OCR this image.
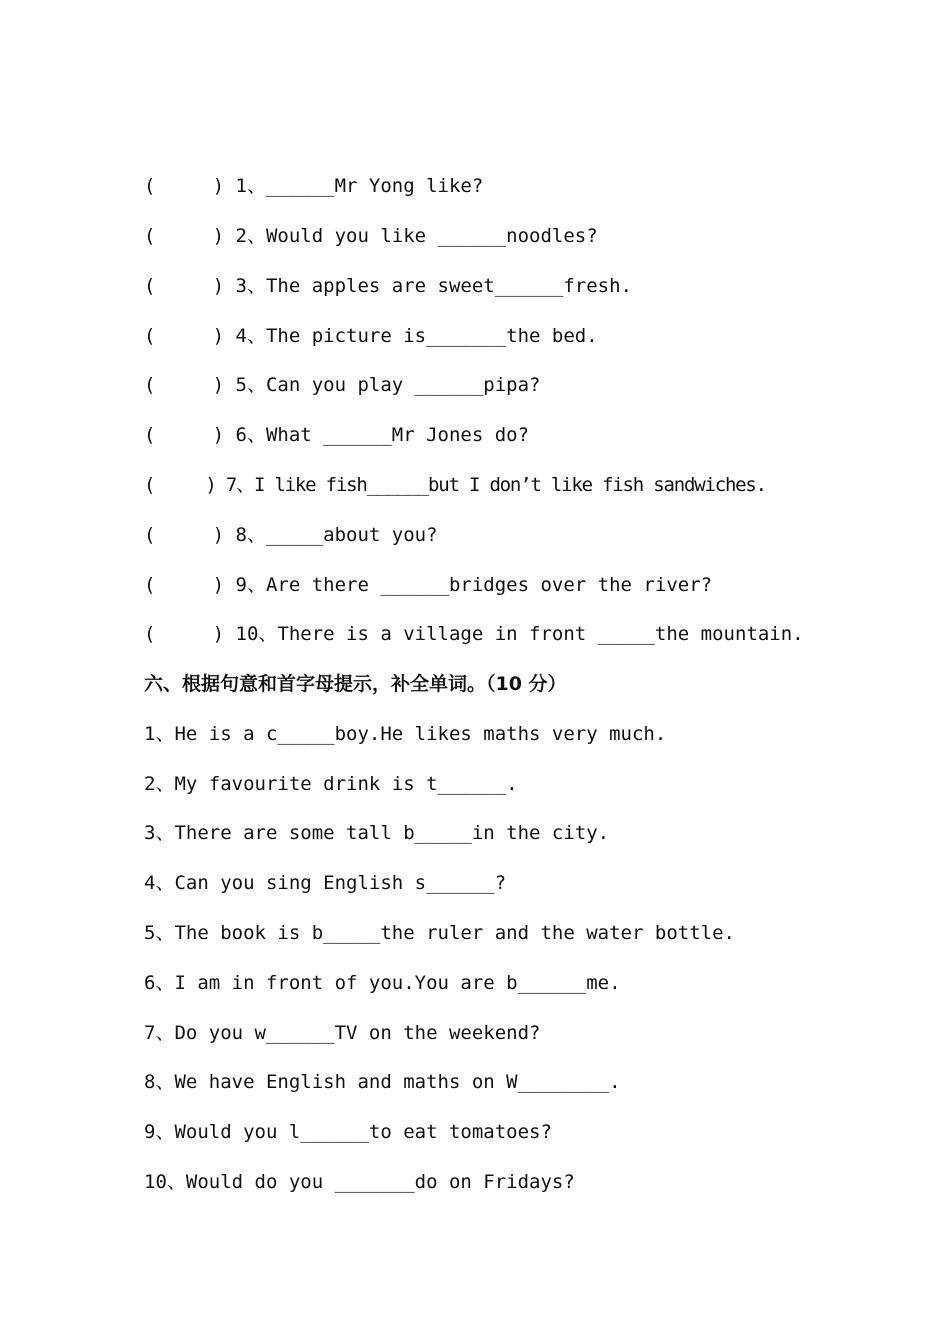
(     ) 1、______Mr Yong like?
(     ) 2、Would you like ______noodles?
(     ) 3、The apples are sweet______fresh.
(     ) 4、The picture is_______the bed.
(     ) 5、Can you play ______pipa?
(     ) 6、What ______Mr Jones do?
(     ) 7、I like fish______but I don’t like fish sandwiches.
(     ) 8、_____about you?
(     ) 9、Are there ______bridges over the river?
(     ) 10、There is a village in front _____the mountain.
六、根据句意和首字母提示，补全单词。（10 分）
1、He is a c_____boy.He likes maths very much.
2、My favourite drink is t______.
3、There are some tall b_____in the city.
4、Can you sing English s______?
5、The book is b_____the ruler and the water bottle.
6、I am in front of you.You are b______me.
7、Do you w______TV on the weekend?
8、We have English and maths on W________.
9、Would you l______to eat tomatoes?
10、Would do you _______do on Fridays?
